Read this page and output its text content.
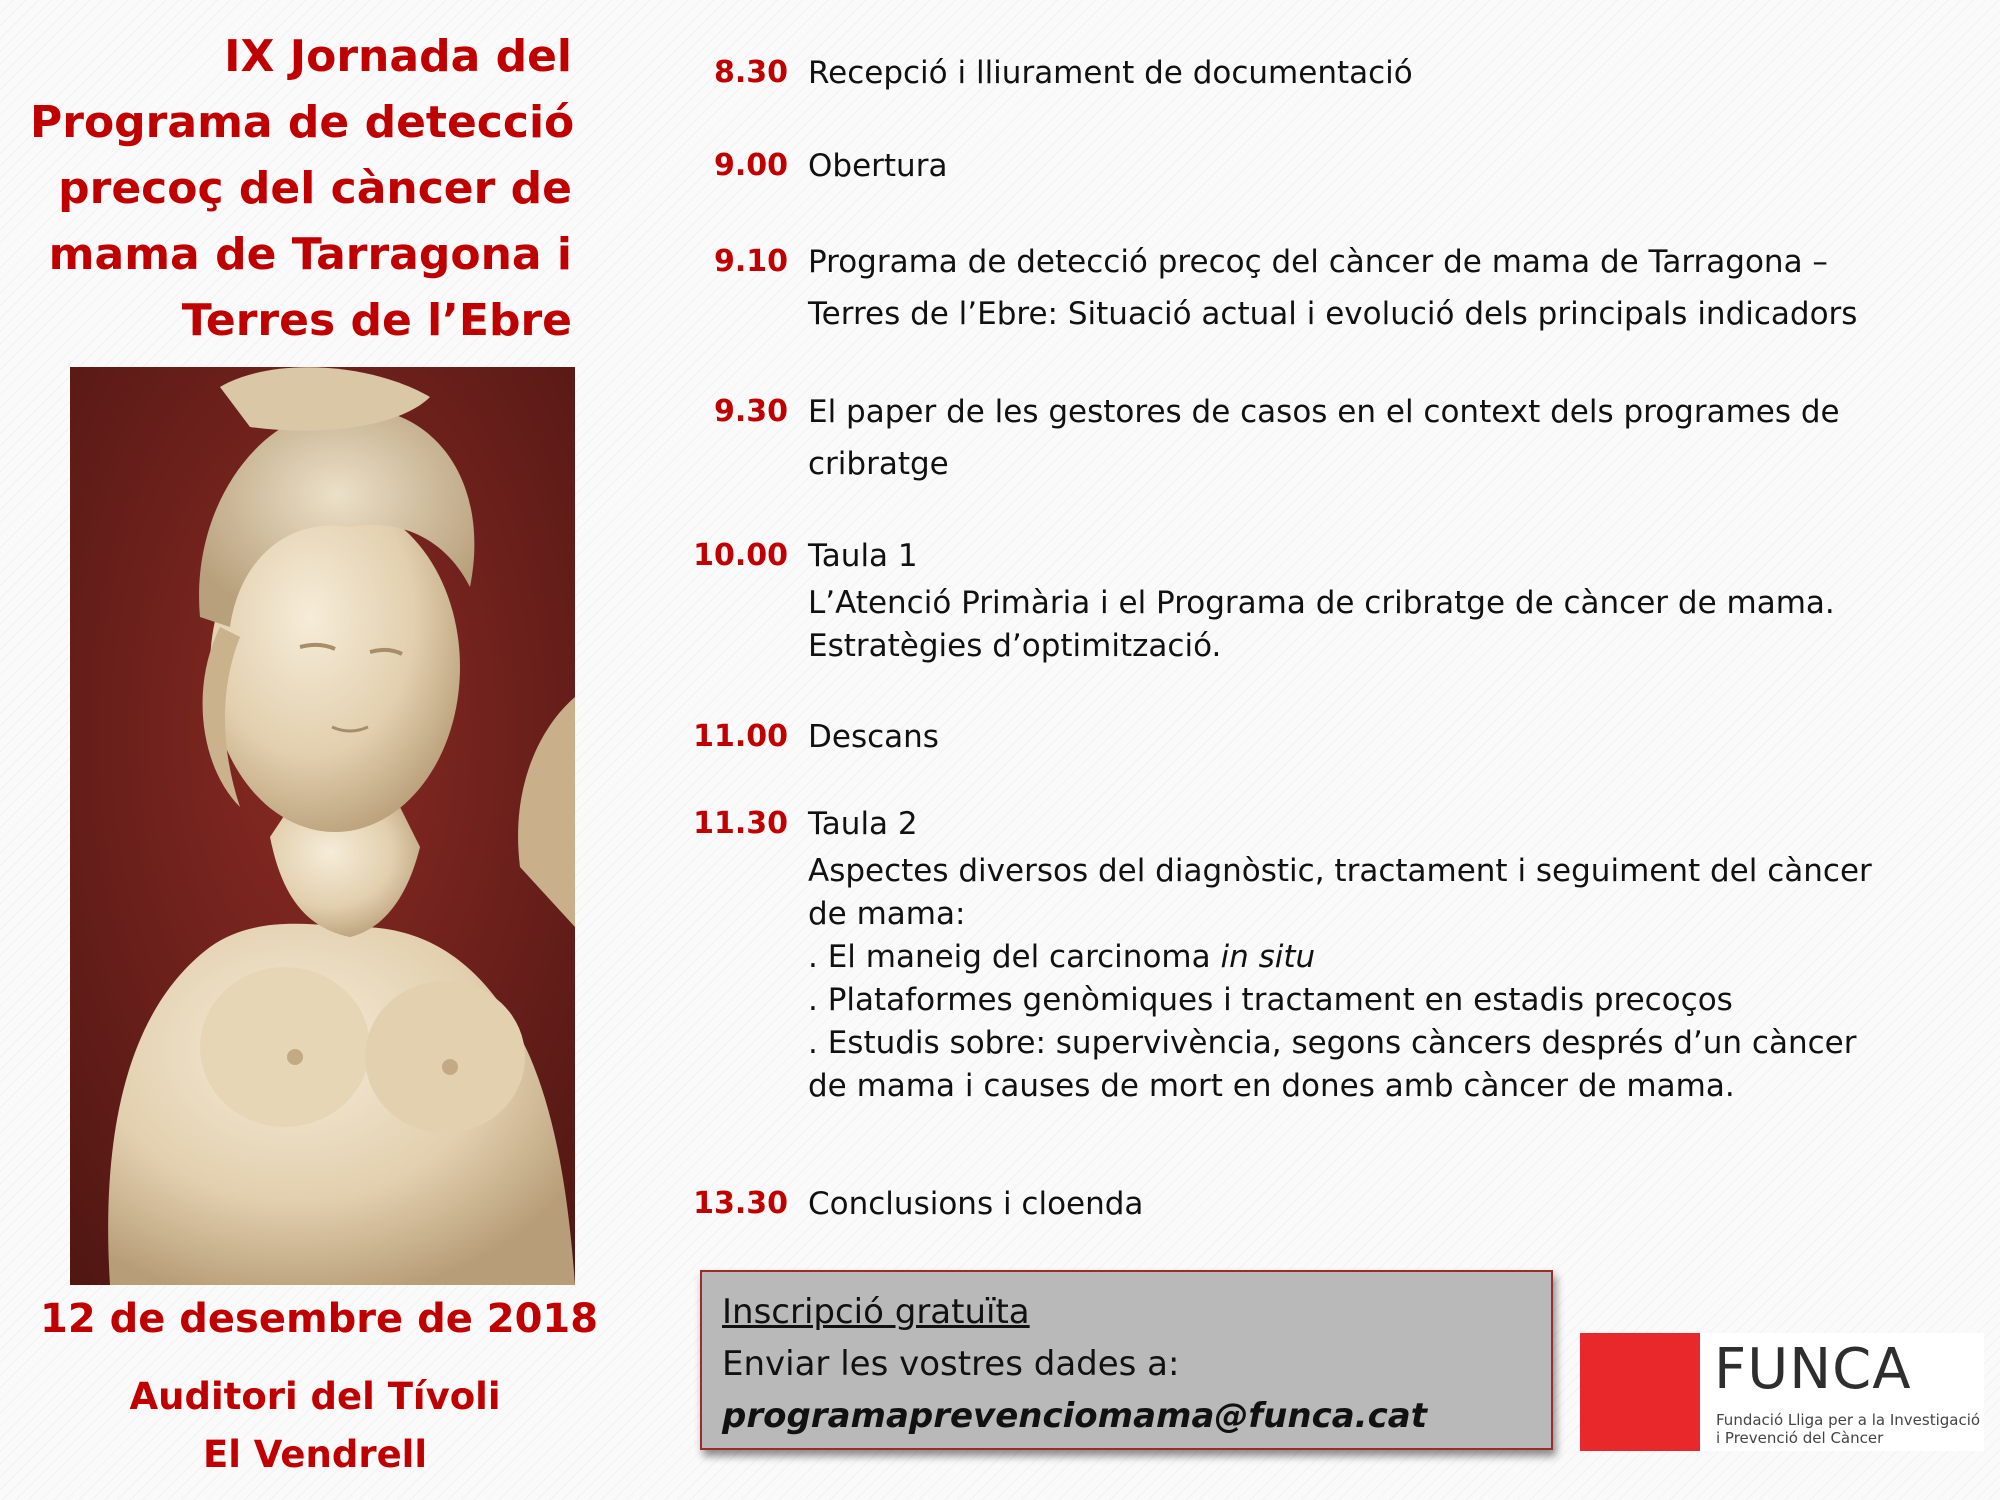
IX Jornada del
Programa de detecció
precoç del càncer de
mama de Tarragona i
Terres de l’Ebre
12 de desembre de 2018
Auditori del Tívoli
El Vendrell
8.30 Recepció i lliurament de documentació
9.00 Obertura
9.10 Programa de detecció precoç del càncer de mama de Tarragona –
Terres de l’Ebre: Situació actual i evolució dels principals indicadors
9.30 El paper de les gestores de casos en el context dels programes de
cribratge
10.00 Taula 1
L’Atenció Primària i el Programa de cribratge de càncer de mama.
Estratègies d’optimització.
11.00 Descans
11.30 Taula 2
Aspectes diversos del diagnòstic, tractament i seguiment del càncer
de mama:
. El maneig del carcinoma in situ
. Plataformes genòmiques i tractament en estadis precoços
. Estudis sobre: supervivència, segons càncers després d’un càncer
de mama i causes de mort en dones amb càncer de mama.
13.30 Conclusions i cloenda
Inscripció gratuïta
Enviar les vostres dades a:
programaprevenciomama@funca.cat
FUNCA
Fundació Lliga per a la Investigació
i Prevenció del Càncer
